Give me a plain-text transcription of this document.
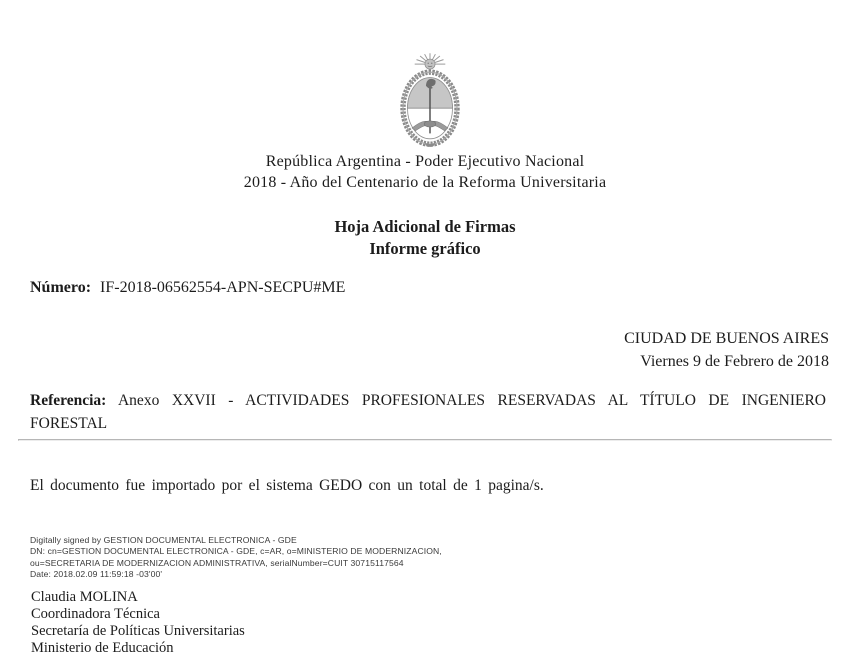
República Argentina - Poder Ejecutivo Nacional
2018 - Año del Centenario de la Reforma Universitaria
Hoja Adicional de Firmas
Informe gráfico
Número: IF-2018-06562554-APN-SECPU#ME
CIUDAD DE BUENOS AIRES
Viernes 9 de Febrero de 2018
Referencia: Anexo XXVII - ACTIVIDADES PROFESIONALES RESERVADAS AL TÍTULO DE INGENIERO FORESTAL
El documento fue importado por el sistema GEDO con un total de 1 pagina/s.
Digitally signed by GESTION DOCUMENTAL ELECTRONICA - GDE
DN: cn=GESTION DOCUMENTAL ELECTRONICA - GDE, c=AR, o=MINISTERIO DE MODERNIZACION,
ou=SECRETARIA DE MODERNIZACION ADMINISTRATIVA, serialNumber=CUIT 30715117564
Date: 2018.02.09 11:59:18 -03'00'
Claudia MOLINA
Coordinadora Técnica
Secretaría de Políticas Universitarias
Ministerio de Educación
